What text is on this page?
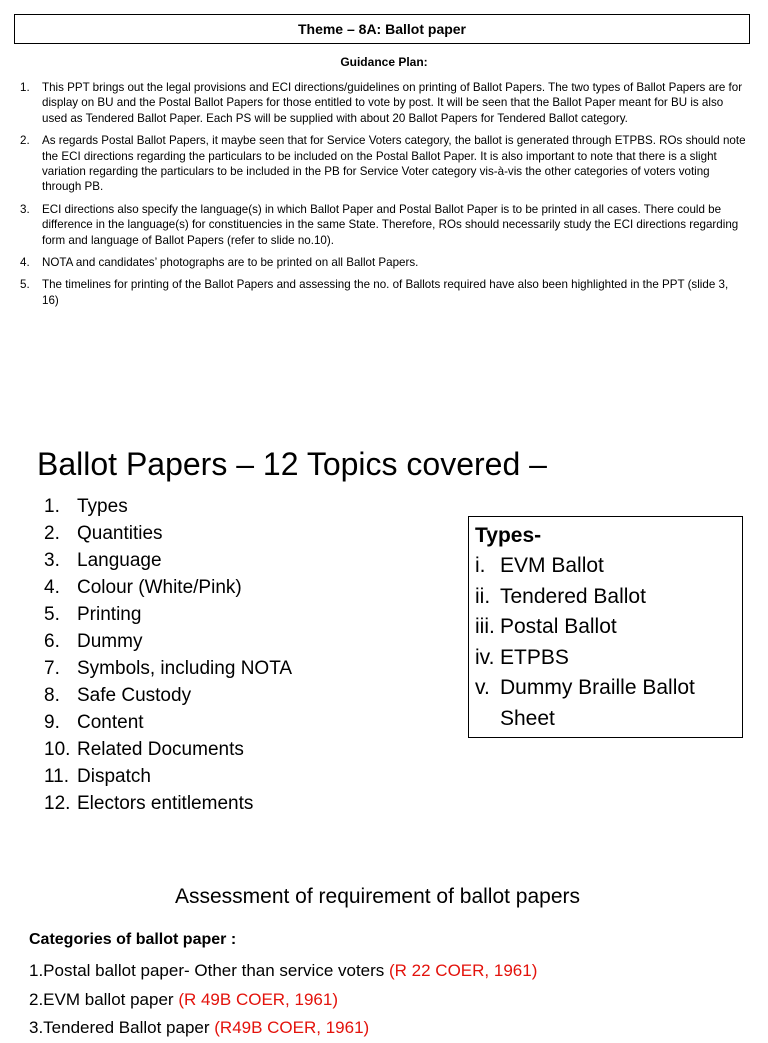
Theme – 8A: Ballot paper
Guidance Plan:
1. This PPT brings out the legal provisions and ECI directions/guidelines on printing of Ballot Papers. The two types of Ballot Papers are for display on BU and the Postal Ballot Papers for those entitled to vote by post. It will be seen that the Ballot Paper meant for BU is also used as Tendered Ballot Paper. Each PS will be supplied with about 20 Ballot Papers for Tendered Ballot category.
2. As regards Postal Ballot Papers, it maybe seen that for Service Voters category, the ballot is generated through ETPBS. ROs should note the ECI directions regarding the particulars to be included on the Postal Ballot Paper. It is also important to note that there is a slight variation regarding the particulars to be included in the PB for Service Voter category vis-à-vis the other categories of voters voting through PB.
3. ECI directions also specify the language(s) in which Ballot Paper and Postal Ballot Paper is to be printed in all cases. There could be difference in the language(s) for constituencies in the same State. Therefore, ROs should necessarily study the ECI directions regarding form and language of Ballot Papers (refer to slide no.10).
4. NOTA and candidates’ photographs are to be printed on all Ballot Papers.
5. The timelines for printing of the Ballot Papers and assessing the no. of Ballots required have also been highlighted in the PPT (slide 3, 16)
Ballot Papers – 12 Topics covered –
1. Types
2. Quantities
3. Language
4. Colour (White/Pink)
5. Printing
6. Dummy
7. Symbols, including NOTA
8. Safe Custody
9. Content
10. Related Documents
11. Dispatch
12. Electors entitlements
Types-
i. EVM Ballot
ii. Tendered Ballot
iii. Postal Ballot
iv. ETPBS
v. Dummy Braille Ballot Sheet
Assessment of requirement of ballot papers
Categories of ballot paper :
1.Postal ballot paper- Other than service voters (R 22 COER, 1961)
2.EVM ballot paper (R 49B COER, 1961)
3.Tendered Ballot paper (R49B COER, 1961)
